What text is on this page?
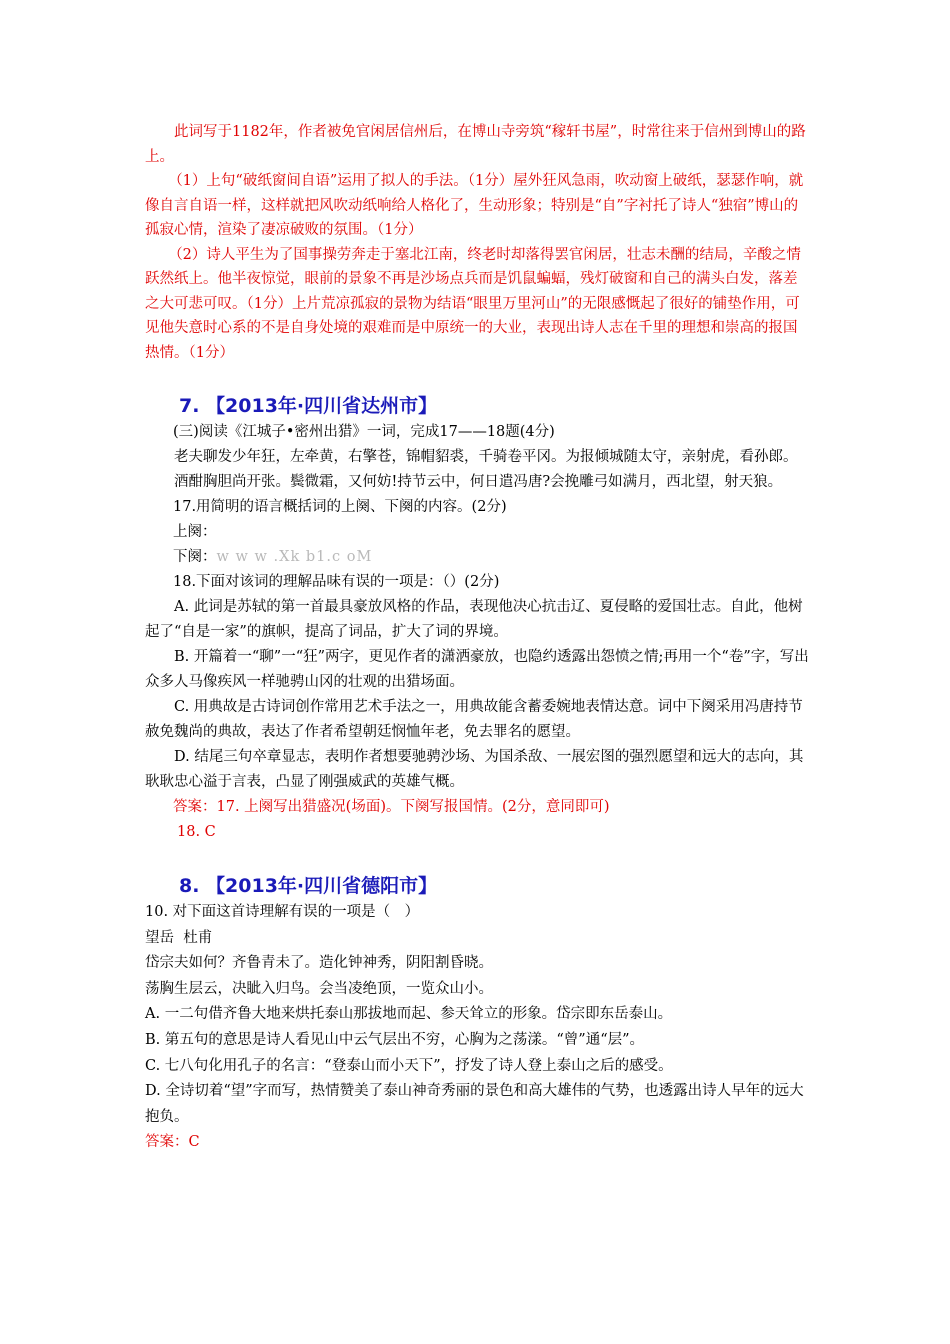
此词写于1182年，作者被免官闲居信州后，在博山寺旁筑“稼轩书屋”，时常往来于信州到博山的路上。

（1）上句“破纸窗间自语”运用了拟人的手法。（1分）屋外狂风急雨，吹动窗上破纸，瑟瑟作响，就像自言自语一样，这样就把风吹动纸响给人格化了，生动形象；特别是“自”字衬托了诗人“独宿”博山的孤寂心情，渲染了凄凉破败的氛围。（1分）

（2）诗人平生为了国事操劳奔走于塞北江南，终老时却落得罢官闲居，壮志未酬的结局，辛酸之情跃然纸上。他半夜惊觉，眼前的景象不再是沙场点兵而是饥鼠蝙蝠，残灯破窗和自己的满头白发，落差之大可悲可叹。（1分）上片荒凉孤寂的景物为结语“眼里万里河山”的无限感慨起了很好的铺垫作用，可见他失意时心系的不是自身处境的艰难而是中原统一的大业，表现出诗人志在千里的理想和崇高的报国热情。（1分）

7. 【2013年·四川省达州市】

(三)阅读《江城子•密州出猎》一词，完成17——18题(4分)

老夫聊发少年狂，左牵黄，右擎苍，锦帽貂裘，千骑卷平冈。为报倾城随太守，亲射虎，看孙郎。

酒酣胸胆尚开张。鬓微霜，又何妨!持节云中，何日遣冯唐?会挽雕弓如满月，西北望，射天狼。

17.用简明的语言概括词的上阕、下阕的内容。(2分)

上阕：

下阕：w w w .Xk b1.c oM

18.下面对该词的理解品味有误的一项是：（）(2分)

A. 此词是苏轼的第一首最具豪放风格的作品，表现他决心抗击辽、夏侵略的爱国壮志。自此，他树起了“自是一家”的旗帜，提高了词品，扩大了词的界境。

B. 开篇着一“聊”一“狂”两字，更见作者的潇洒豪放，也隐约透露出怨愤之情;再用一个“卷”字，写出众多人马像疾风一样驰骋山冈的壮观的出猎场面。

C. 用典故是古诗词创作常用艺术手法之一，用典故能含蓄委婉地表情达意。词中下阕采用冯唐持节赦免魏尚的典故，表达了作者希望朝廷悯恤年老，免去罪名的愿望。

D. 结尾三句卒章显志，表明作者想要驰骋沙场、为国杀敌、一展宏图的强烈愿望和远大的志向，其耿耿忠心溢于言表，凸显了刚强威武的英雄气概。

答案：17. 上阕写出猎盛况(场面)。下阕写报国情。(2分，意同即可)

18. C

8. 【2013年·四川省德阳市】

10. 对下面这首诗理解有误的一项是（　）

望岳  杜甫

岱宗夫如何？齐鲁青未了。造化钟神秀，阴阳割昏晓。

荡胸生层云，决眦入归鸟。会当凌绝顶，一览众山小。

A. 一二句借齐鲁大地来烘托泰山那拔地而起、参天耸立的形象。岱宗即东岳泰山。

B. 第五句的意思是诗人看见山中云气层出不穷，心胸为之荡漾。“曾”通“层”。

C. 七八句化用孔子的名言：“登泰山而小天下”，抒发了诗人登上泰山之后的感受。

D. 全诗切着“望”字而写，热情赞美了泰山神奇秀丽的景色和高大雄伟的气势，也透露出诗人早年的远大抱负。

答案：C
